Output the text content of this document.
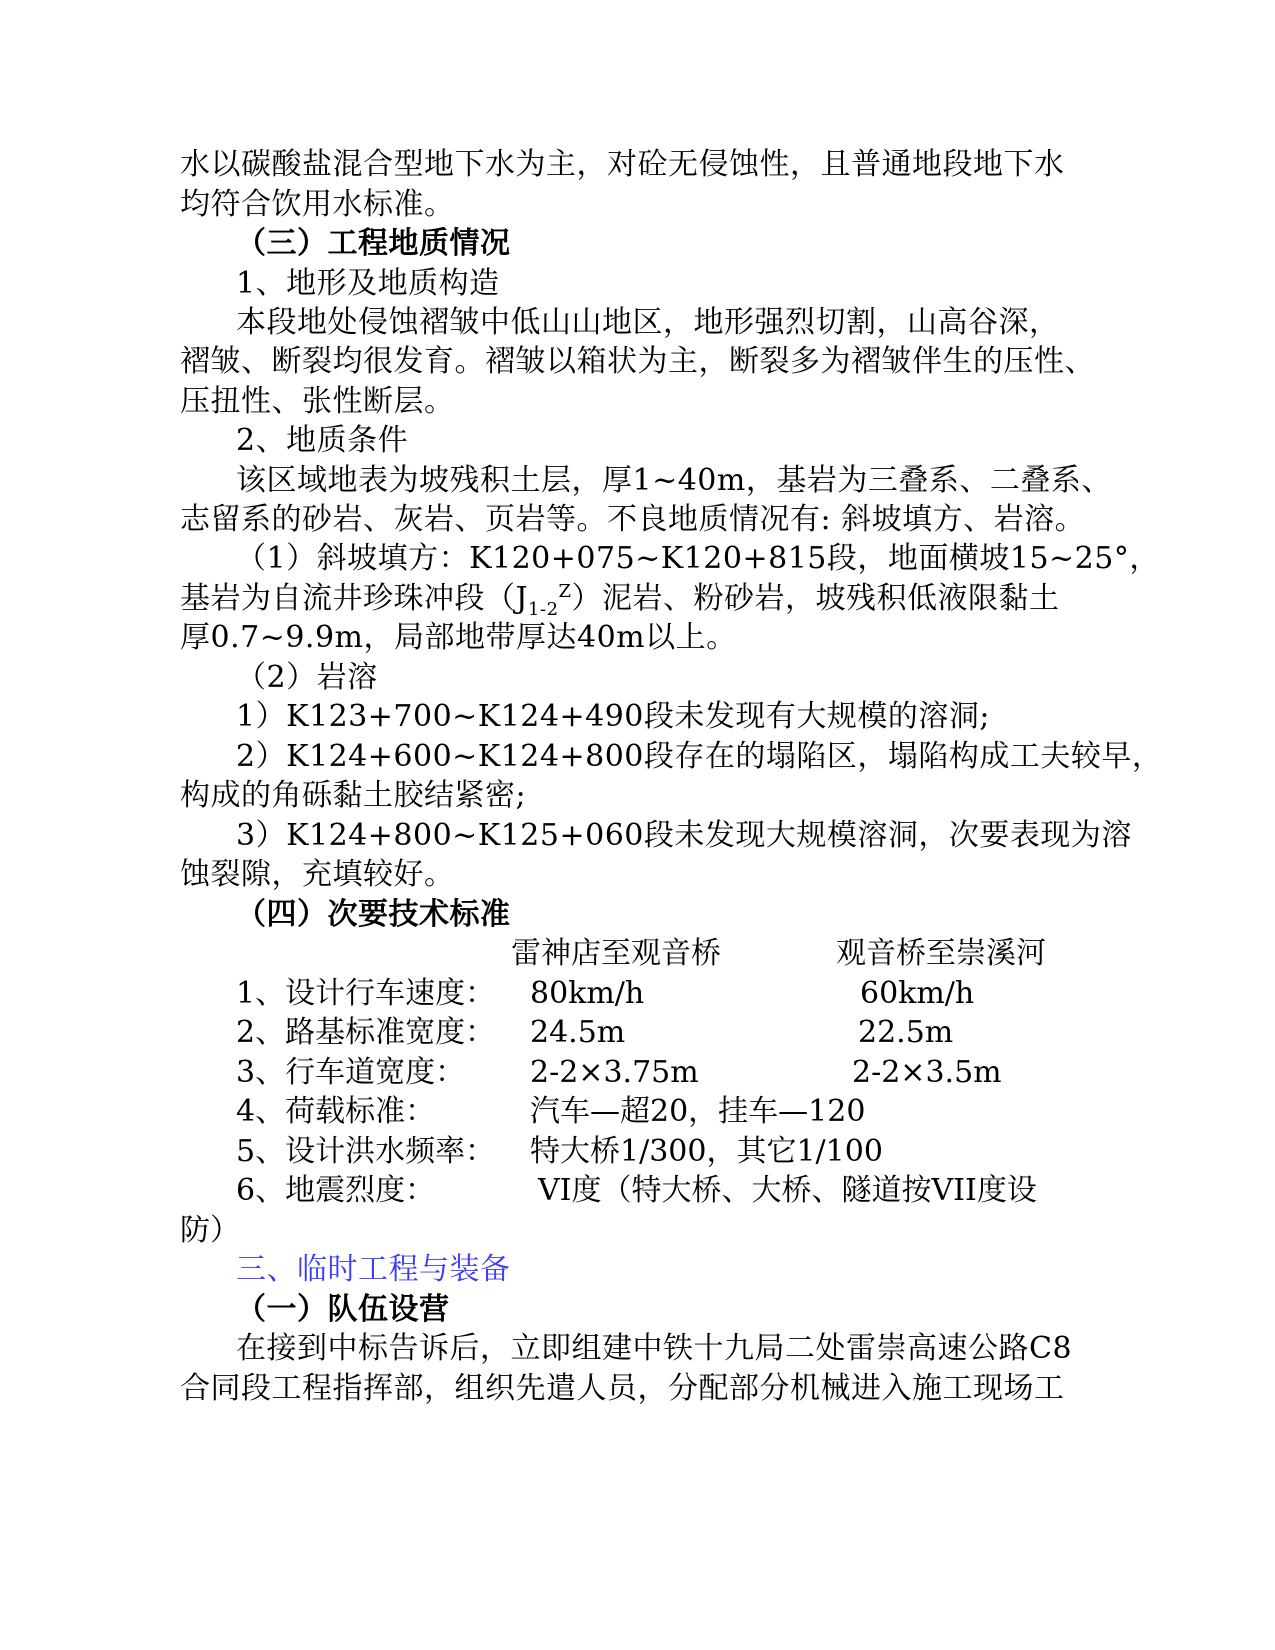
水以碳酸盐混合型地下水为主，对砼无侵蚀性，且普通地段地下水
均符合饮用水标准。
（三）工程地质情况
1、地形及地质构造
本段地处侵蚀褶皱中低山山地区，地形强烈切割，山高谷深，
褶皱、断裂均很发育。褶皱以箱状为主，断裂多为褶皱伴生的压性、
压扭性、张性断层。
2、地质条件
该区域地表为坡残积土层，厚1~40m，基岩为三叠系、二叠系、
志留系的砂岩、灰岩、页岩等。不良地质情况有: 斜坡填方、岩溶。
（1）斜坡填方：K120+075~K120+815段，地面横坡15~25°，
基岩为自流井珍珠冲段$(J_{1-2}^Z)$泥岩、粉砂岩，坡残积低液限黏土
厚0.7~9.9m，局部地带厚达40m以上。
（2）岩溶
1）K123+700~K124+490段未发现有大规模的溶洞;
2）K124+600~K124+800段存在的塌陷区，塌陷构成工夫较早，
构成的角砾黏土胶结紧密;
3）K124+800~K125+060段未发现大规模溶洞，次要表现为溶
蚀裂隙，充填较好。
（四）次要技术标准
雷神店至观音桥	观音桥至崇溪河
1、设计行车速度： 80km/h	60km/h
2、路基标准宽度： 24.5m	22.5m
3、行车道宽度： 2-2×3.75m	2-2×3.5m
4、荷载标准：	汽车—超20，挂车—120
5、设计洪水频率： 特大桥1/300，其它1/100
6、地震烈度：	VI度（特大桥、大桥、隧道按VII度设
防）
三、临时工程与装备
（一）队伍设营
在接到中标告诉后，立即组建中铁十九局二处雷崇高速公路C8
合同段工程指挥部，组织先遣人员，分配部分机械进入施工现场工
